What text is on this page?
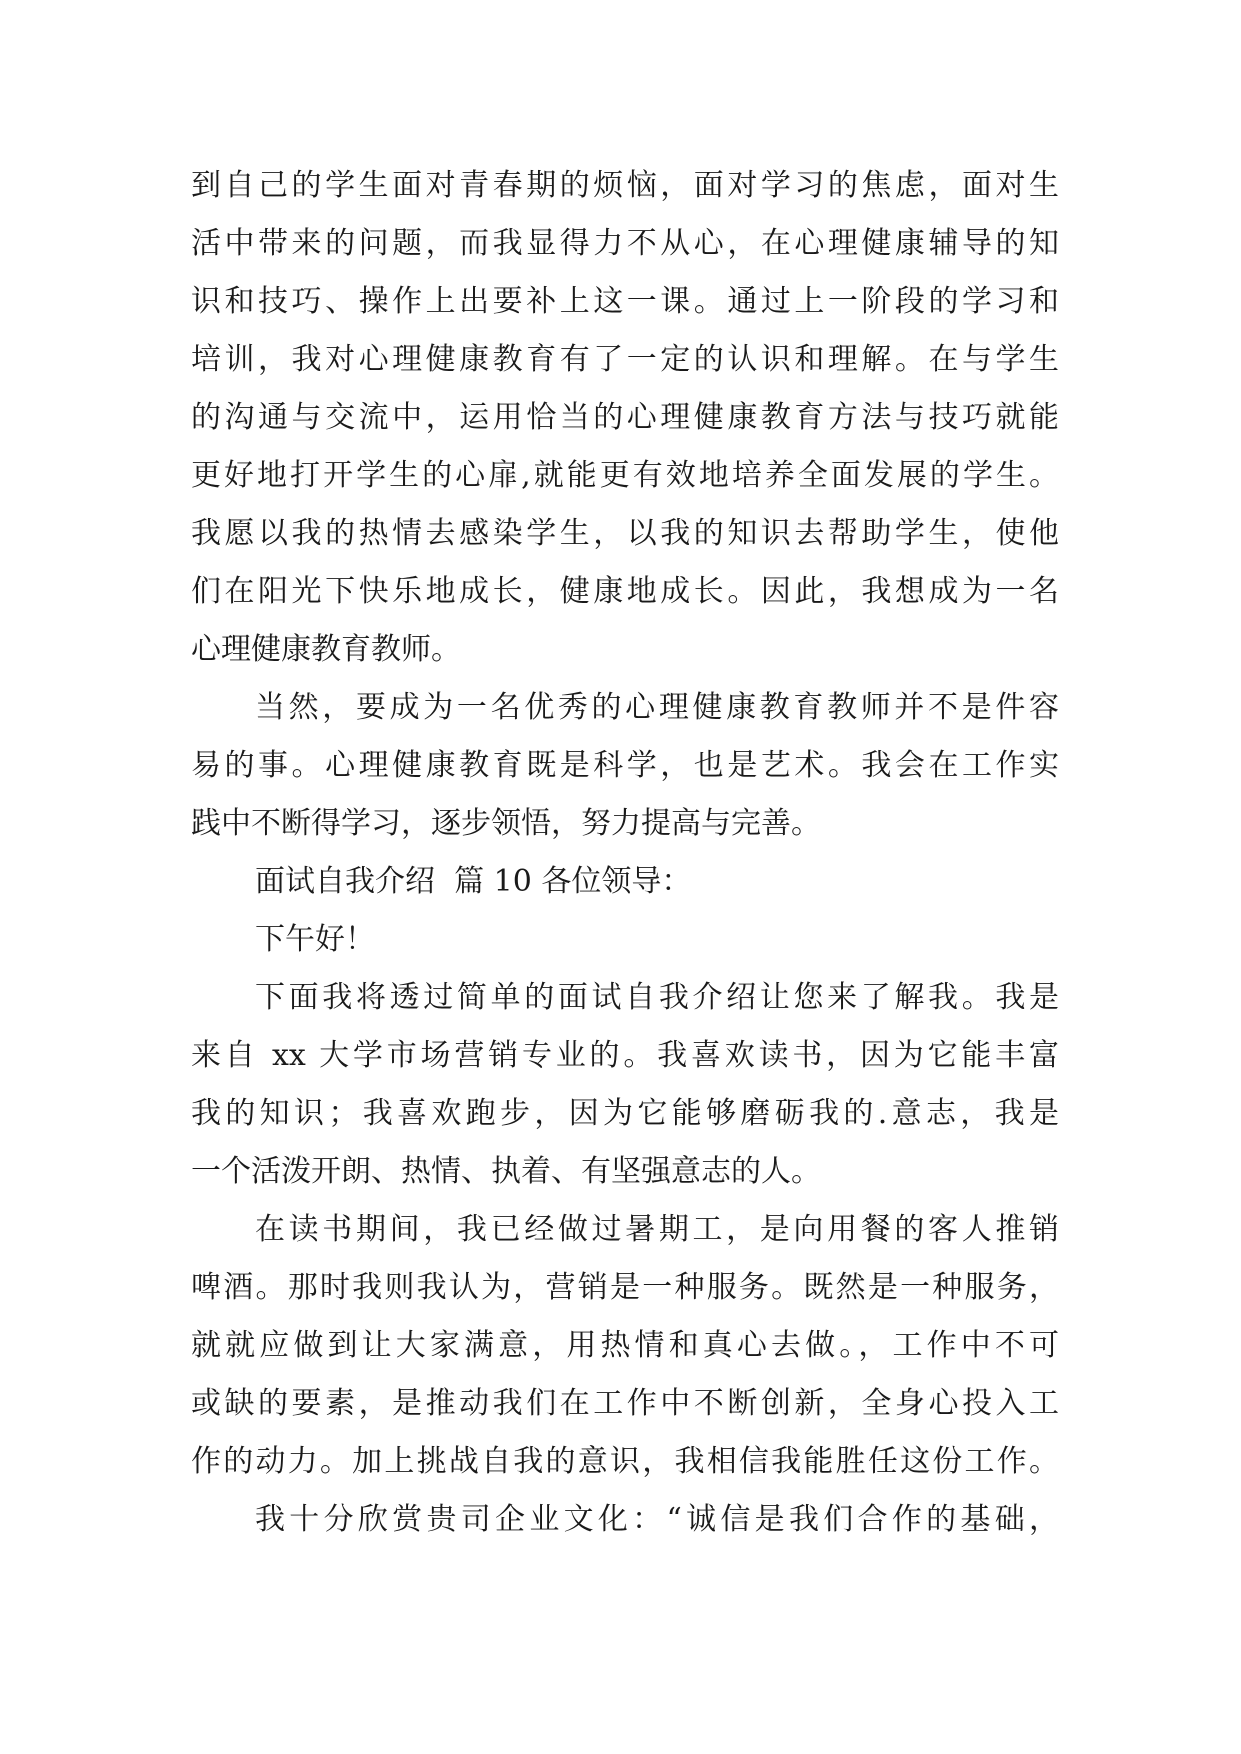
到自己的学生面对青春期的烦恼，面对学习的焦虑，面对生
活中带来的问题，而我显得力不从心，在心理健康辅导的知
识和技巧、操作上出要补上这一课。通过上一阶段的学习和
培训，我对心理健康教育有了一定的认识和理解。在与学生
的沟通与交流中，运用恰当的心理健康教育方法与技巧就能
更好地打开学生的心扉,就能更有效地培养全面发展的学生。
我愿以我的热情去感染学生，以我的知识去帮助学生，使他
们在阳光下快乐地成长，健康地成长。因此，我想成为一名
心理健康教育教师。
当然，要成为一名优秀的心理健康教育教师并不是件容
易的事。心理健康教育既是科学，也是艺术。我会在工作实
践中不断得学习，逐步领悟，努力提高与完善。
面试自我介绍  篇 10 各位领导：
下午好！
下面我将透过简单的面试自我介绍让您来了解我。我是
来自 xx 大学市场营销专业的。我喜欢读书，因为它能丰富
我的知识；我喜欢跑步，因为它能够磨砺我的.意志，我是
一个活泼开朗、热情、执着、有坚强意志的人。
在读书期间，我已经做过暑期工，是向用餐的客人推销
啤酒。那时我则我认为，营销是一种服务。既然是一种服务，
就就应做到让大家满意，用热情和真心去做。，工作中不可
或缺的要素，是推动我们在工作中不断创新，全身心投入工
作的动力。加上挑战自我的意识，我相信我能胜任这份工作。
我十分欣赏贵司企业文化：“诚信是我们合作的基础，
